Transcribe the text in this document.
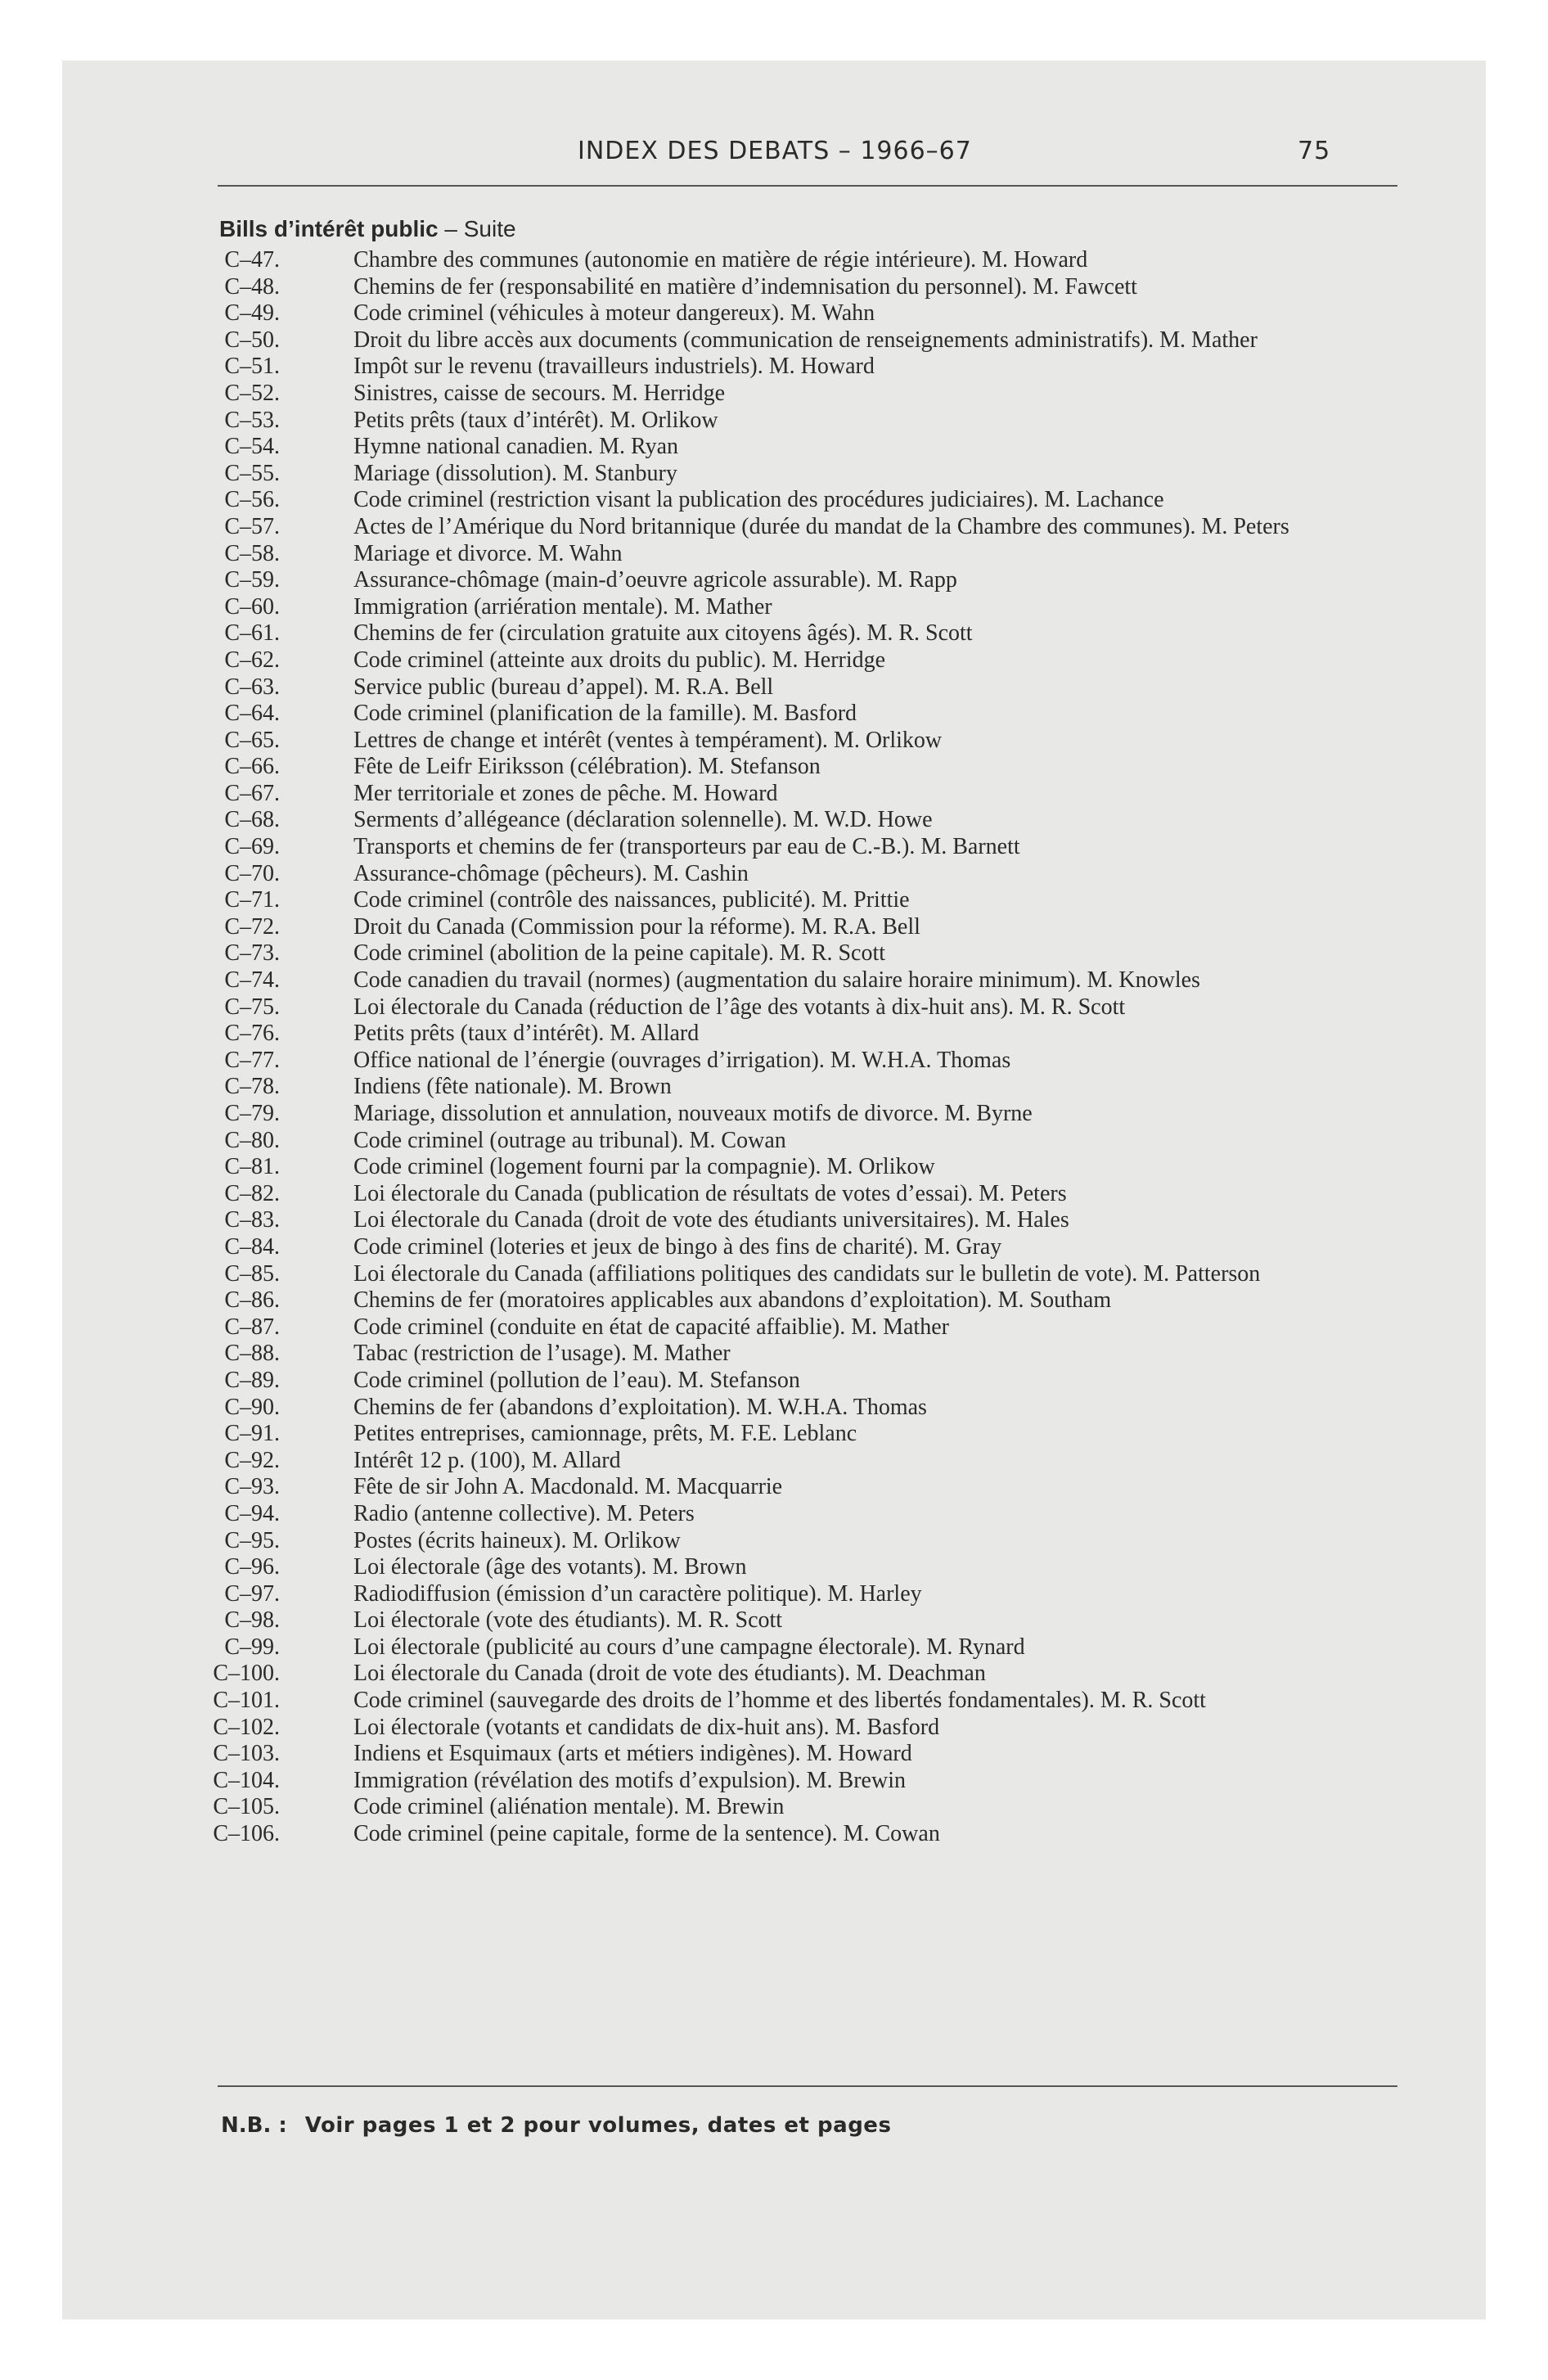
INDEX DES DEBATS – 1966–67	75
Bills d’intérêt public – Suite
C–47.	Chambre des communes (autonomie en matière de régie intérieure). M. Howard
C–48.	Chemins de fer (responsabilité en matière d’indemnisation du personnel). M. Fawcett
C–49.	Code criminel (véhicules à moteur dangereux). M. Wahn
C–50.	Droit du libre accès aux documents (communication de renseignements administratifs). M. Mather
C–51.	Impôt sur le revenu (travailleurs industriels). M. Howard
C–52.	Sinistres, caisse de secours. M. Herridge
C–53.	Petits prêts (taux d’intérêt). M. Orlikow
C–54.	Hymne national canadien. M. Ryan
C–55.	Mariage (dissolution). M. Stanbury
C–56.	Code criminel (restriction visant la publication des procédures judiciaires). M. Lachance
C–57.	Actes de l’Amérique du Nord britannique (durée du mandat de la Chambre des communes). M. Peters
C–58.	Mariage et divorce. M. Wahn
C–59.	Assurance-chômage (main-d’oeuvre agricole assurable). M. Rapp
C–60.	Immigration (arriération mentale). M. Mather
C–61.	Chemins de fer (circulation gratuite aux citoyens âgés). M. R. Scott
C–62.	Code criminel (atteinte aux droits du public). M. Herridge
C–63.	Service public (bureau d’appel). M. R.A. Bell
C–64.	Code criminel (planification de la famille). M. Basford
C–65.	Lettres de change et intérêt (ventes à tempérament). M. Orlikow
C–66.	Fête de Leifr Eiriksson (célébration). M. Stefanson
C–67.	Mer territoriale et zones de pêche. M. Howard
C–68.	Serments d’allégeance (déclaration solennelle). M. W.D. Howe
C–69.	Transports et chemins de fer (transporteurs par eau de C.-B.). M. Barnett
C–70.	Assurance-chômage (pêcheurs). M. Cashin
C–71.	Code criminel (contrôle des naissances, publicité). M. Prittie
C–72.	Droit du Canada (Commission pour la réforme). M. R.A. Bell
C–73.	Code criminel (abolition de la peine capitale). M. R. Scott
C–74.	Code canadien du travail (normes) (augmentation du salaire horaire minimum). M. Knowles
C–75.	Loi électorale du Canada (réduction de l’âge des votants à dix-huit ans). M. R. Scott
C–76.	Petits prêts (taux d’intérêt). M. Allard
C–77.	Office national de l’énergie (ouvrages d’irrigation). M. W.H.A. Thomas
C–78.	Indiens (fête nationale). M. Brown
C–79.	Mariage, dissolution et annulation, nouveaux motifs de divorce. M. Byrne
C–80.	Code criminel (outrage au tribunal). M. Cowan
C–81.	Code criminel (logement fourni par la compagnie). M. Orlikow
C–82.	Loi électorale du Canada (publication de résultats de votes d’essai). M. Peters
C–83.	Loi électorale du Canada (droit de vote des étudiants universitaires). M. Hales
C–84.	Code criminel (loteries et jeux de bingo à des fins de charité). M. Gray
C–85.	Loi électorale du Canada (affiliations politiques des candidats sur le bulletin de vote). M. Patterson
C–86.	Chemins de fer (moratoires applicables aux abandons d’exploitation). M. Southam
C–87.	Code criminel (conduite en état de capacité affaiblie). M. Mather
C–88.	Tabac (restriction de l’usage). M. Mather
C–89.	Code criminel (pollution de l’eau). M. Stefanson
C–90.	Chemins de fer (abandons d’exploitation). M. W.H.A. Thomas
C–91.	Petites entreprises, camionnage, prêts, M. F.E. Leblanc
C–92.	Intérêt 12 p. (100), M. Allard
C–93.	Fête de sir John A. Macdonald. M. Macquarrie
C–94.	Radio (antenne collective). M. Peters
C–95.	Postes (écrits haineux). M. Orlikow
C–96.	Loi électorale (âge des votants). M. Brown
C–97.	Radiodiffusion (émission d’un caractère politique). M. Harley
C–98.	Loi électorale (vote des étudiants). M. R. Scott
C–99.	Loi électorale (publicité au cours d’une campagne électorale). M. Rynard
C–100.	Loi électorale du Canada (droit de vote des étudiants). M. Deachman
C–101.	Code criminel (sauvegarde des droits de l’homme et des libertés fondamentales). M. R. Scott
C–102.	Loi électorale (votants et candidats de dix-huit ans). M. Basford
C–103.	Indiens et Esquimaux (arts et métiers indigènes). M. Howard
C–104.	Immigration (révélation des motifs d’expulsion). M. Brewin
C–105.	Code criminel (aliénation mentale). M. Brewin
C–106.	Code criminel (peine capitale, forme de la sentence). M. Cowan
N.B. : Voir pages 1 et 2 pour volumes, dates et pages
